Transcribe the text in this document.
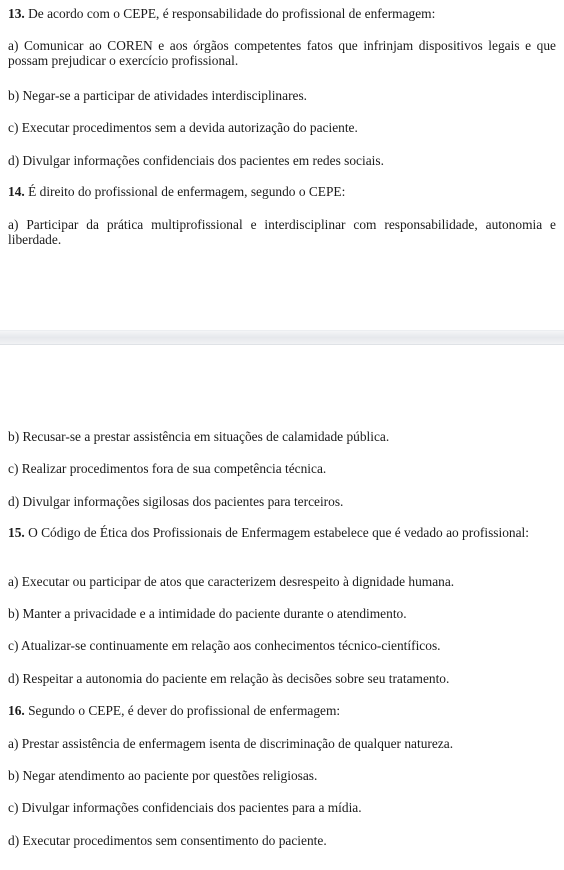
13. De acordo com o CEPE, é responsabilidade do profissional de enfermagem:
a) Comunicar ao COREN e aos órgãos competentes fatos que infrinjam dispositivos legais e que possam prejudicar o exercício profissional.
b) Negar-se a participar de atividades interdisciplinares.
c) Executar procedimentos sem a devida autorização do paciente.
d) Divulgar informações confidenciais dos pacientes em redes sociais.
14. É direito do profissional de enfermagem, segundo o CEPE:
a) Participar da prática multiprofissional e interdisciplinar com responsabilidade, autonomia e liberdade.
b) Recusar-se a prestar assistência em situações de calamidade pública.
c) Realizar procedimentos fora de sua competência técnica.
d) Divulgar informações sigilosas dos pacientes para terceiros.
15. O Código de Ética dos Profissionais de Enfermagem estabelece que é vedado ao profissional:
a) Executar ou participar de atos que caracterizem desrespeito à dignidade humana.
b) Manter a privacidade e a intimidade do paciente durante o atendimento.
c) Atualizar-se continuamente em relação aos conhecimentos técnico-científicos.
d) Respeitar a autonomia do paciente em relação às decisões sobre seu tratamento.
16. Segundo o CEPE, é dever do profissional de enfermagem:
a) Prestar assistência de enfermagem isenta de discriminação de qualquer natureza.
b) Negar atendimento ao paciente por questões religiosas.
c) Divulgar informações confidenciais dos pacientes para a mídia.
d) Executar procedimentos sem consentimento do paciente.
